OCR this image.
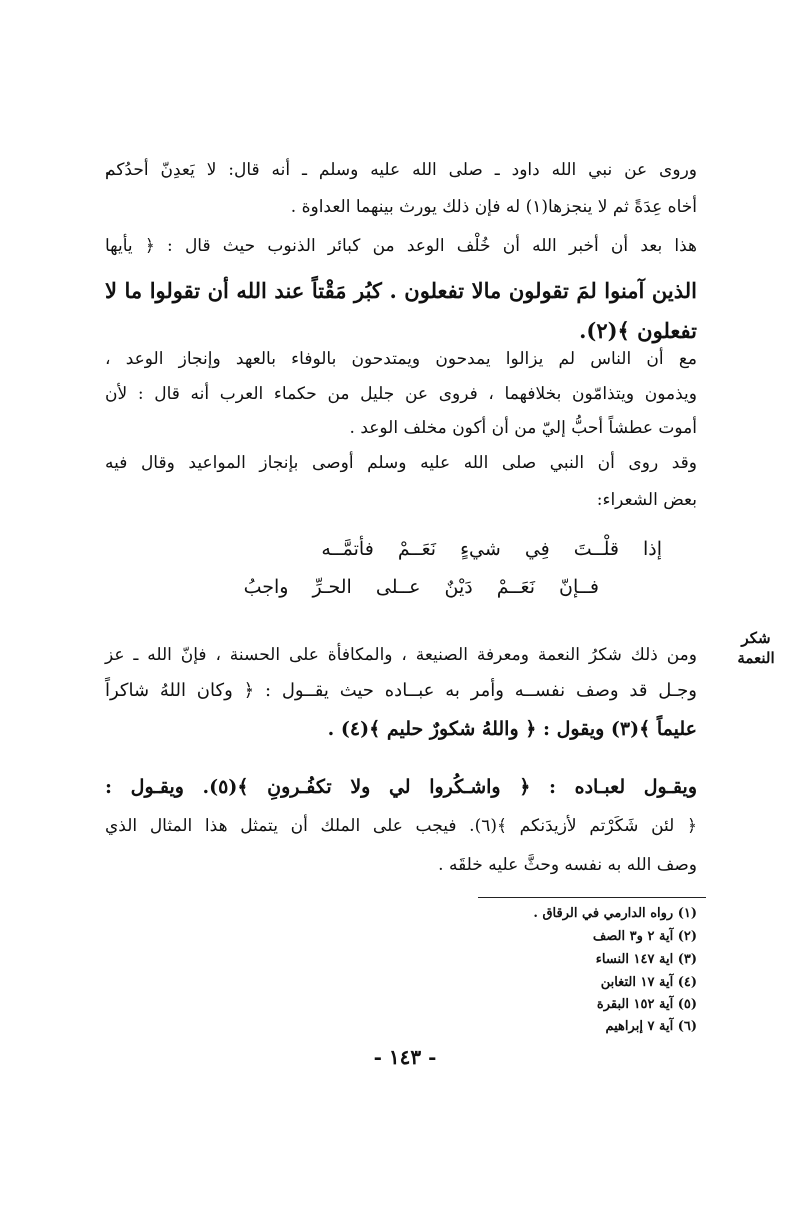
وروى عن نبي الله داود ـ صلى الله عليه وسلم ـ أنه قال: لا يَعدِنّ أحدُكم
أخاه عِدَةً ثم لا ينجزها(١) له فإن ذلك يورث بينهما العداوة .
هذا بعد أن أخبر الله أن خُلْف الوعد من كبائر الذنوب حيث قال : ﴿ يأيها
الذين آمنوا لمَ تقولون مالا تفعلون . كبُر مَقْتاً عند الله أن تقولوا ما لا
تفعلون ﴾(٢).
مع أن الناس لم يزالوا يمدحون ويمتدحون بالوفاء بالعهد وإنجاز الوعد ،
ويذمون ويتذامّون بخلافهما ، فروى عن جليل من حكماء العرب أنه قال : لأن
أموت عطشاً أحبُّ إليّ من أن أكون مخلف الوعد .
وقد روى أن النبي صلى الله عليه وسلم أوصى بإنجاز المواعيد وقال فيه
بعض الشعراء:
إذا قلْــتَ فِي شيءٍ نَعَــمْ فأتمَّــه
فــإنّ نَعَــمْ دَيْنٌ عــلى الحـرِّ واجبُ
شكر
النعمة
ومن ذلك شكرُ النعمة ومعرفة الصنيعة ، والمكافأة على الحسنة ، فإنّ الله ـ عز
وجـل قد وصف نفســه وأمر به عبــاده حيث يقــول : ﴿ وكان اللهُ شاكراً
عليماً ﴾(٣) ويقول : ﴿ واللهُ شكورٌ حليم ﴾(٤) .
ويقـول لعبـاده : ﴿ واشـكُروا لي ولا تكفُـرونِ ﴾(٥). ويقـول :
﴿ لئن شَكَرْتم لأزيدَنكم ﴾(٦). فيجب على الملك أن يتمثل هذا المثال الذي
وصف الله به نفسه وحثَّ عليه خلقَه .
(١) رواه الدارمي في الرقاق .
(٢) آية ٢ و٣ الصف
(٣) اية ١٤٧ النساء
(٤) آية ١٧ التغابن
(٥) آية ١٥٢ البقرة
(٦) آية ٧ إبراهيم
- ١٤٣ -
